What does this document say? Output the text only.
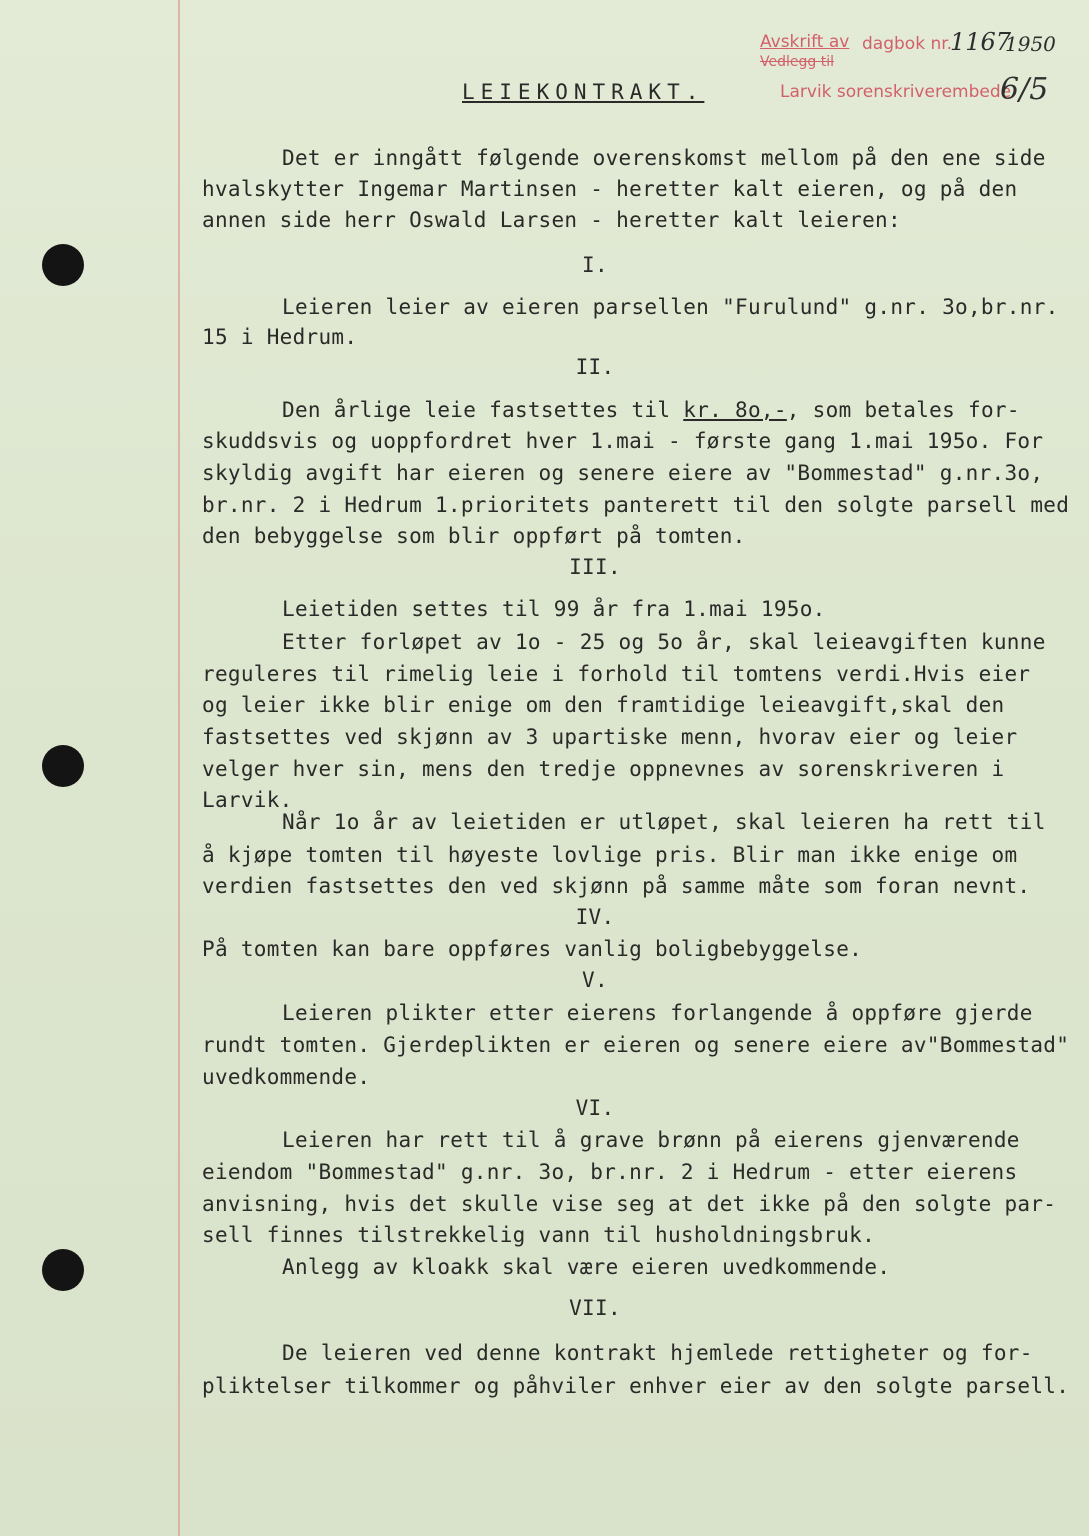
Avskrift av dagbok nr.
1167
1950
Vedlegg til
Larvik sorenskriverembede
6/5
LEIEKONTRAKT.
Det er inngått følgende overenskomst mellom på den ene side
hvalskytter Ingemar Martinsen - heretter kalt eieren, og på den
annen side herr Oswald Larsen - heretter kalt leieren:
I.
Leieren leier av eieren parsellen "Furulund" g.nr. 3o,br.nr.
15 i Hedrum.
II.
Den årlige leie fastsettes til kr. 8o,-, som betales for-
skuddsvis og uoppfordret hver 1.mai - første gang 1.mai 195o. For
skyldig avgift har eieren og senere eiere av "Bommestad" g.nr.3o,
br.nr. 2 i Hedrum 1.prioritets panterett til den solgte parsell med
den bebyggelse som blir oppført på tomten.
III.
Leietiden settes til 99 år fra 1.mai 195o.
Etter forløpet av 1o - 25 og 5o år, skal leieavgiften kunne
reguleres til rimelig leie i forhold til tomtens verdi.Hvis eier
og leier ikke blir enige om den framtidige leieavgift,skal den
fastsettes ved skjønn av 3 upartiske menn, hvorav eier og leier
velger hver sin, mens den tredje oppnevnes av sorenskriveren i
Larvik.
Når 1o år av leietiden er utløpet, skal leieren ha rett til
å kjøpe tomten til høyeste lovlige pris. Blir man ikke enige om
verdien fastsettes den ved skjønn på samme måte som foran nevnt.
IV.
På tomten kan bare oppføres vanlig boligbebyggelse.
V.
Leieren plikter etter eierens forlangende å oppføre gjerde
rundt tomten. Gjerdeplikten er eieren og senere eiere av"Bommestad"
uvedkommende.
VI.
Leieren har rett til å grave brønn på eierens gjenværende
eiendom "Bommestad" g.nr. 3o, br.nr. 2 i Hedrum - etter eierens
anvisning, hvis det skulle vise seg at det ikke på den solgte par-
sell finnes tilstrekkelig vann til husholdningsbruk.
Anlegg av kloakk skal være eieren uvedkommende.
VII.
De leieren ved denne kontrakt hjemlede rettigheter og for-
pliktelser tilkommer og påhviler enhver eier av den solgte parsell.
